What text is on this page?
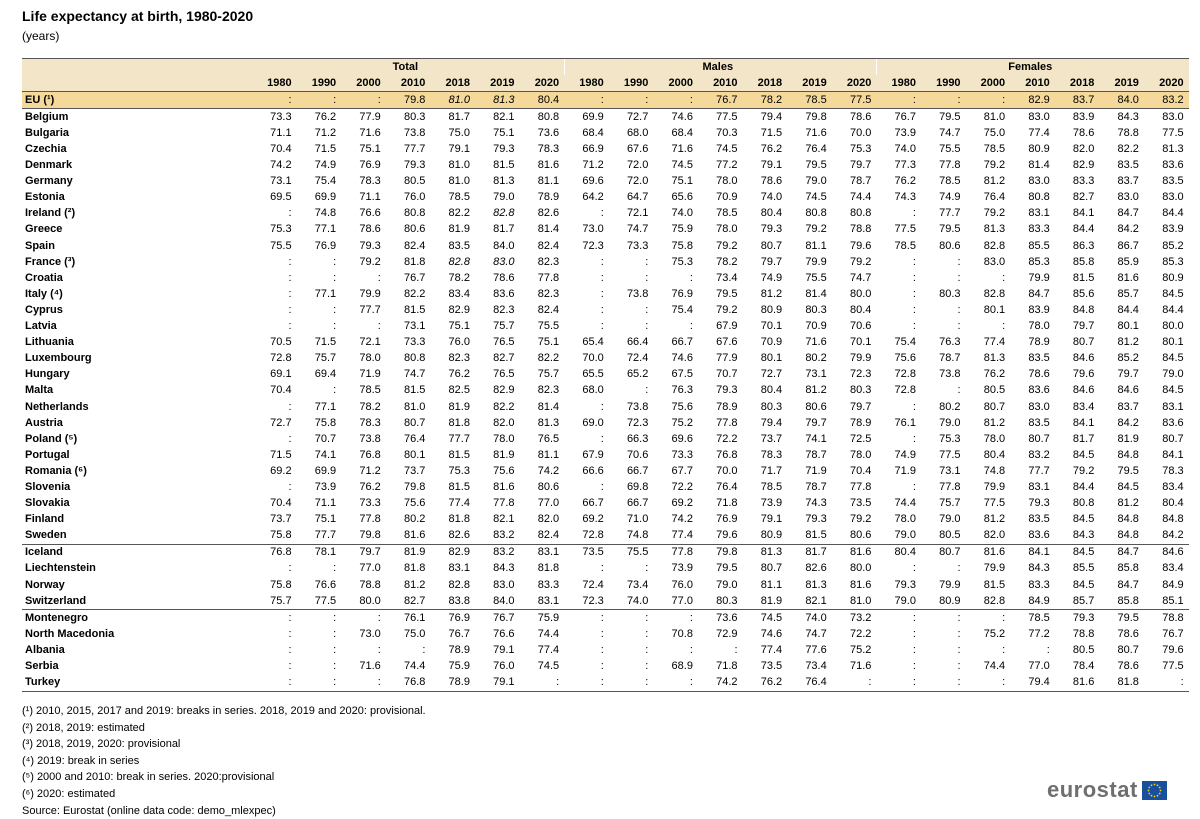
Life expectancy at birth, 1980-2020
(years)
	Total							Males							Females						
	1980	1990	2000	2010	2018	2019	2020	1980	1990	2000	2010	2018	2019	2020	1980	1990	2000	2010	2018	2019	2020
EU (¹)	:	:	:	79.8	81.0	81.3	80.4	:	:	:	76.7	78.2	78.5	77.5	:	:	:	82.9	83.7	84.0	83.2
Belgium	73.3	76.2	77.9	80.3	81.7	82.1	80.8	69.9	72.7	74.6	77.5	79.4	79.8	78.6	76.7	79.5	81.0	83.0	83.9	84.3	83.0
Bulgaria	71.1	71.2	71.6	73.8	75.0	75.1	73.6	68.4	68.0	68.4	70.3	71.5	71.6	70.0	73.9	74.7	75.0	77.4	78.6	78.8	77.5
Czechia	70.4	71.5	75.1	77.7	79.1	79.3	78.3	66.9	67.6	71.6	74.5	76.2	76.4	75.3	74.0	75.5	78.5	80.9	82.0	82.2	81.3
Denmark	74.2	74.9	76.9	79.3	81.0	81.5	81.6	71.2	72.0	74.5	77.2	79.1	79.5	79.7	77.3	77.8	79.2	81.4	82.9	83.5	83.6
Germany	73.1	75.4	78.3	80.5	81.0	81.3	81.1	69.6	72.0	75.1	78.0	78.6	79.0	78.7	76.2	78.5	81.2	83.0	83.3	83.7	83.5
Estonia	69.5	69.9	71.1	76.0	78.5	79.0	78.9	64.2	64.7	65.6	70.9	74.0	74.5	74.4	74.3	74.9	76.4	80.8	82.7	83.0	83.0
Ireland (²)	:	74.8	76.6	80.8	82.2	82.8	82.6	:	72.1	74.0	78.5	80.4	80.8	80.8	:	77.7	79.2	83.1	84.1	84.7	84.4
Greece	75.3	77.1	78.6	80.6	81.9	81.7	81.4	73.0	74.7	75.9	78.0	79.3	79.2	78.8	77.5	79.5	81.3	83.3	84.4	84.2	83.9
Spain	75.5	76.9	79.3	82.4	83.5	84.0	82.4	72.3	73.3	75.8	79.2	80.7	81.1	79.6	78.5	80.6	82.8	85.5	86.3	86.7	85.2
France (³)	:	:	79.2	81.8	82.8	83.0	82.3	:	:	75.3	78.2	79.7	79.9	79.2	:	:	83.0	85.3	85.8	85.9	85.3
Croatia	:	:	:	76.7	78.2	78.6	77.8	:	:	:	73.4	74.9	75.5	74.7	:	:	:	79.9	81.5	81.6	80.9
Italy (⁴)	:	77.1	79.9	82.2	83.4	83.6	82.3	:	73.8	76.9	79.5	81.2	81.4	80.0	:	80.3	82.8	84.7	85.6	85.7	84.5
Cyprus	:	:	77.7	81.5	82.9	82.3	82.4	:	:	75.4	79.2	80.9	80.3	80.4	:	:	80.1	83.9	84.8	84.4	84.4
Latvia	:	:	:	73.1	75.1	75.7	75.5	:	:	:	67.9	70.1	70.9	70.6	:	:	:	78.0	79.7	80.1	80.0
Lithuania	70.5	71.5	72.1	73.3	76.0	76.5	75.1	65.4	66.4	66.7	67.6	70.9	71.6	70.1	75.4	76.3	77.4	78.9	80.7	81.2	80.1
Luxembourg	72.8	75.7	78.0	80.8	82.3	82.7	82.2	70.0	72.4	74.6	77.9	80.1	80.2	79.9	75.6	78.7	81.3	83.5	84.6	85.2	84.5
Hungary	69.1	69.4	71.9	74.7	76.2	76.5	75.7	65.5	65.2	67.5	70.7	72.7	73.1	72.3	72.8	73.8	76.2	78.6	79.6	79.7	79.0
Malta	70.4	:	78.5	81.5	82.5	82.9	82.3	68.0	:	76.3	79.3	80.4	81.2	80.3	72.8	:	80.5	83.6	84.6	84.6	84.5
Netherlands	:	77.1	78.2	81.0	81.9	82.2	81.4	:	73.8	75.6	78.9	80.3	80.6	79.7	:	80.2	80.7	83.0	83.4	83.7	83.1
Austria	72.7	75.8	78.3	80.7	81.8	82.0	81.3	69.0	72.3	75.2	77.8	79.4	79.7	78.9	76.1	79.0	81.2	83.5	84.1	84.2	83.6
Poland (⁵)	:	70.7	73.8	76.4	77.7	78.0	76.5	:	66.3	69.6	72.2	73.7	74.1	72.5	:	75.3	78.0	80.7	81.7	81.9	80.7
Portugal	71.5	74.1	76.8	80.1	81.5	81.9	81.1	67.9	70.6	73.3	76.8	78.3	78.7	78.0	74.9	77.5	80.4	83.2	84.5	84.8	84.1
Romania (⁶)	69.2	69.9	71.2	73.7	75.3	75.6	74.2	66.6	66.7	67.7	70.0	71.7	71.9	70.4	71.9	73.1	74.8	77.7	79.2	79.5	78.3
Slovenia	:	73.9	76.2	79.8	81.5	81.6	80.6	:	69.8	72.2	76.4	78.5	78.7	77.8	:	77.8	79.9	83.1	84.4	84.5	83.4
Slovakia	70.4	71.1	73.3	75.6	77.4	77.8	77.0	66.7	66.7	69.2	71.8	73.9	74.3	73.5	74.4	75.7	77.5	79.3	80.8	81.2	80.4
Finland	73.7	75.1	77.8	80.2	81.8	82.1	82.0	69.2	71.0	74.2	76.9	79.1	79.3	79.2	78.0	79.0	81.2	83.5	84.5	84.8	84.8
Sweden	75.8	77.7	79.8	81.6	82.6	83.2	82.4	72.8	74.8	77.4	79.6	80.9	81.5	80.6	79.0	80.5	82.0	83.6	84.3	84.8	84.2
Iceland	76.8	78.1	79.7	81.9	82.9	83.2	83.1	73.5	75.5	77.8	79.8	81.3	81.7	81.6	80.4	80.7	81.6	84.1	84.5	84.7	84.6
Liechtenstein	:	:	77.0	81.8	83.1	84.3	81.8	:	:	73.9	79.5	80.7	82.6	80.0	:	:	79.9	84.3	85.5	85.8	83.4
Norway	75.8	76.6	78.8	81.2	82.8	83.0	83.3	72.4	73.4	76.0	79.0	81.1	81.3	81.6	79.3	79.9	81.5	83.3	84.5	84.7	84.9
Switzerland	75.7	77.5	80.0	82.7	83.8	84.0	83.1	72.3	74.0	77.0	80.3	81.9	82.1	81.0	79.0	80.9	82.8	84.9	85.7	85.8	85.1
Montenegro	:	:	:	76.1	76.9	76.7	75.9	:	:	:	73.6	74.5	74.0	73.2	:	:	:	78.5	79.3	79.5	78.8
North Macedonia	:	:	73.0	75.0	76.7	76.6	74.4	:	:	70.8	72.9	74.6	74.7	72.2	:	:	75.2	77.2	78.8	78.6	76.7
Albania	:	:	:	:	78.9	79.1	77.4	:	:	:	:	77.4	77.6	75.2	:	:	:	:	80.5	80.7	79.6
Serbia	:	:	71.6	74.4	75.9	76.0	74.5	:	:	68.9	71.8	73.5	73.4	71.6	:	:	74.4	77.0	78.4	78.6	77.5
Turkey	:	:	:	76.8	78.9	79.1	:	:	:	:	74.2	76.2	76.4	:	:	:	:	79.4	81.6	81.8	:
(¹) 2010, 2015, 2017 and 2019: breaks in series. 2018, 2019 and 2020: provisional.
(²) 2018, 2019: estimated
(³) 2018, 2019, 2020: provisional
(⁴) 2019: break in series
(⁵) 2000 and 2010: break in series. 2020:provisional
(⁶) 2020: estimated
Source: Eurostat (online data code: demo_mlexpec)
eurostat
